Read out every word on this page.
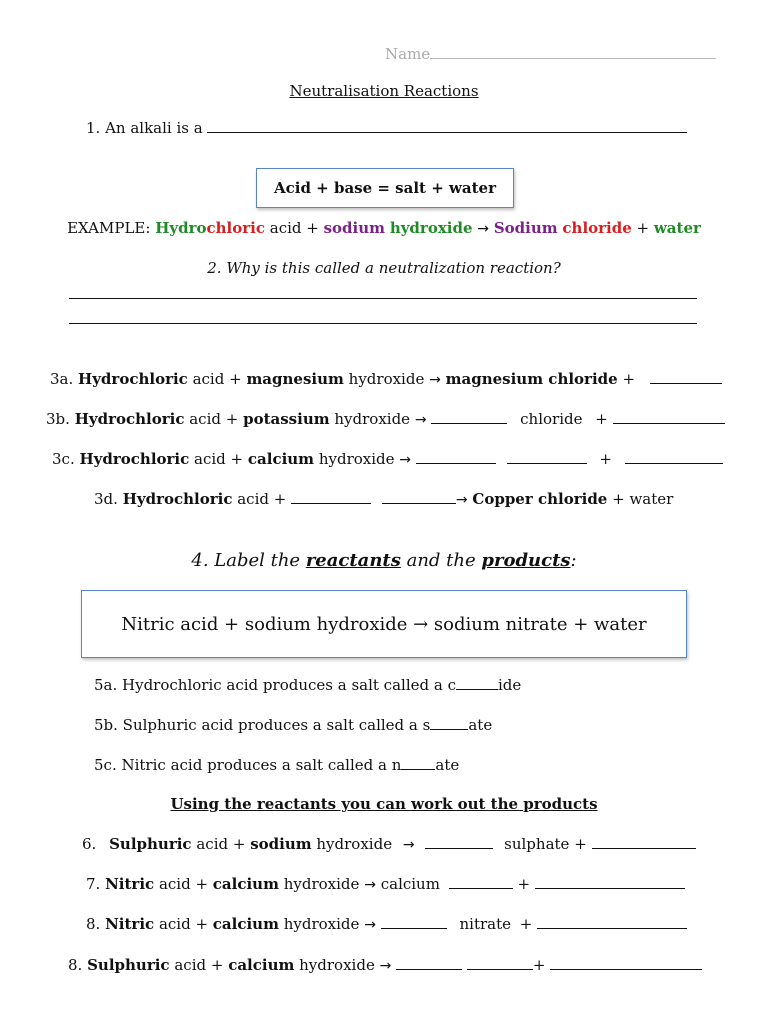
Name
Neutralisation Reactions
1. An alkali is a
Acid + base = salt + water
EXAMPLE: Hydrochloric acid + sodium hydroxide → Sodium chloride + water
2. Why is this called a neutralization reaction?
3a. Hydrochloric acid + magnesium hydroxide → magnesium chloride +
3b. Hydrochloric acid + potassium hydroxide →	chloride +
3c. Hydrochloric acid + calcium hydroxide →	+
3d. Hydrochloric acid +	→ Copper chloride + water
4. Label the reactants and the products:
Nitric acid + sodium hydroxide → sodium nitrate + water
5a. Hydrochloric acid produces a salt called a c	ide
5b. Sulphuric acid produces a salt called a s	ate
5c. Nitric acid produces a salt called a n ate
Using the reactants you can work out the products
6. Sulphuric acid + sodium hydroxide →	sulphate +
7. Nitric acid + calcium hydroxide → calcium	+
8. Nitric acid + calcium hydroxide →	nitrate +
8. Sulphuric acid + calcium hydroxide →	+
